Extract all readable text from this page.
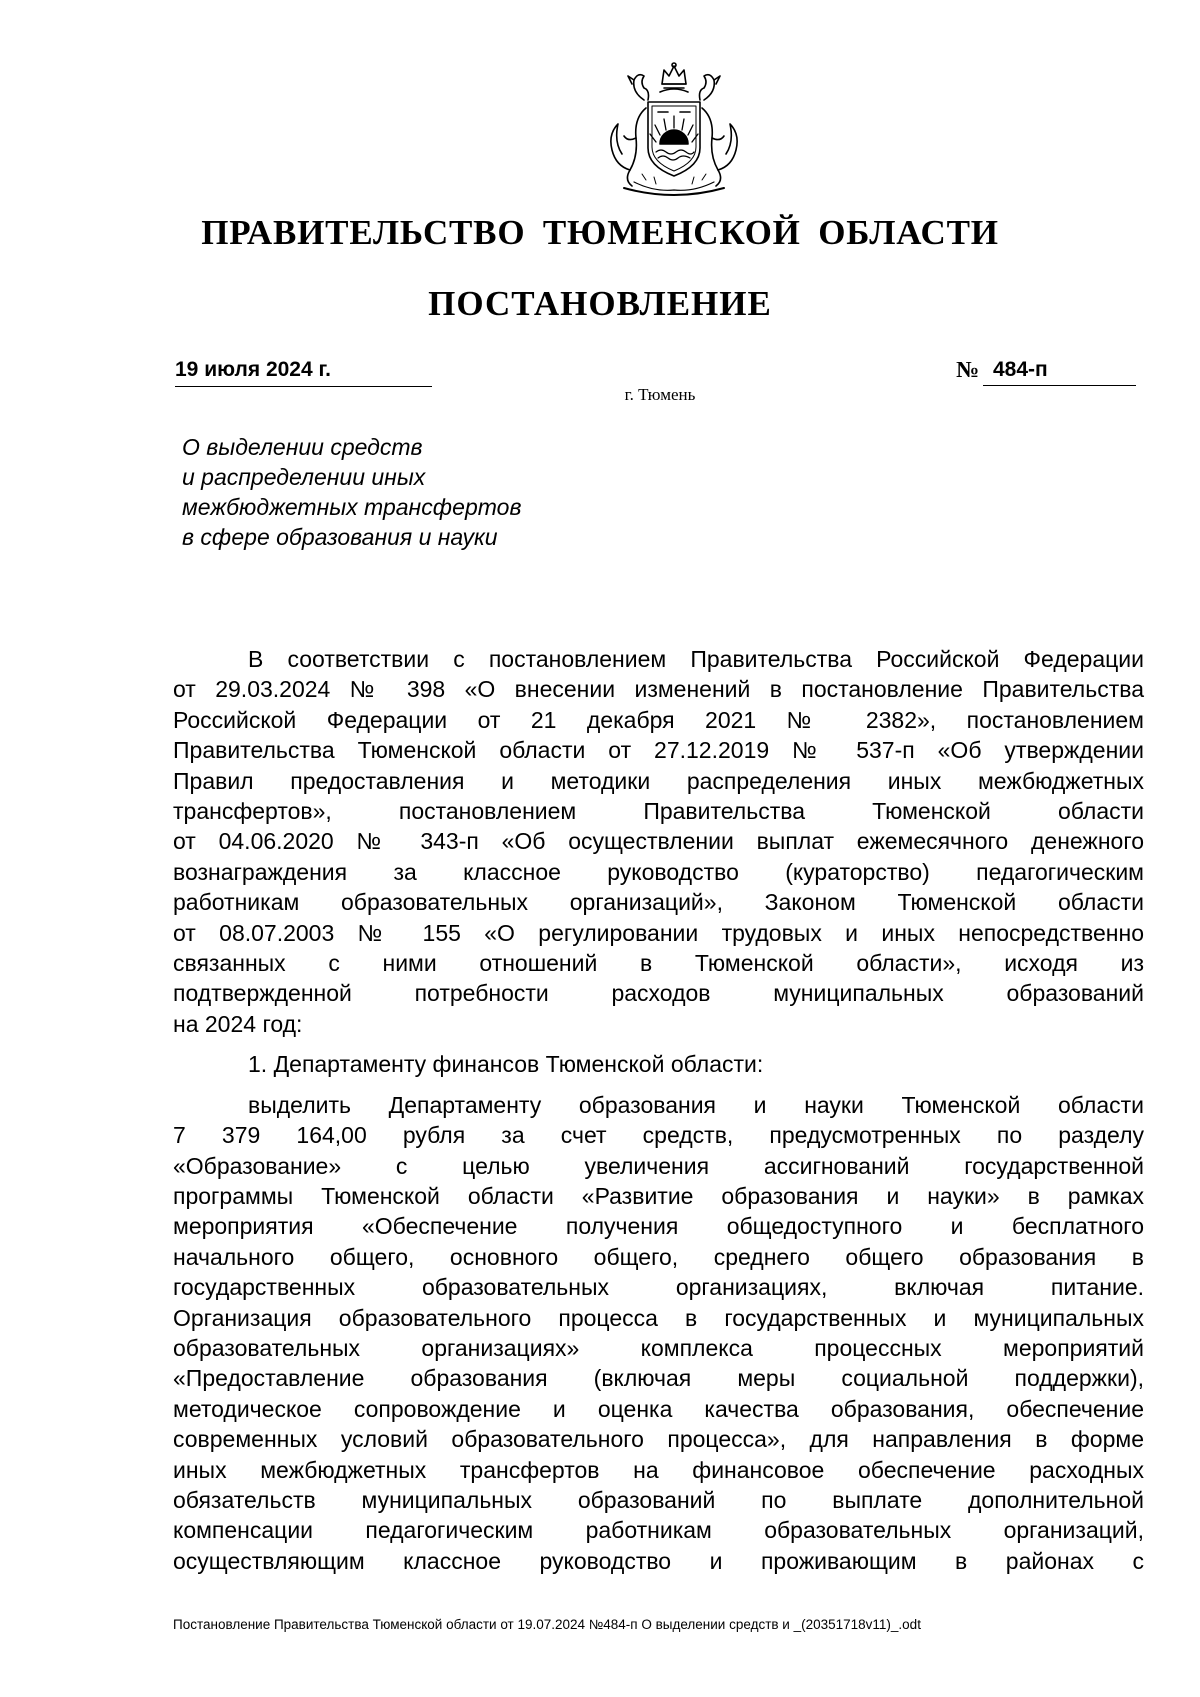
ПРАВИТЕЛЬСТВО ТЮМЕНСКОЙ ОБЛАСТИ
ПОСТАНОВЛЕНИЕ
19 июля 2024 г.	№ 484-п
г. Тюмень
О выделении средств
и распределении иных
межбюджетных трансфертов
в сфере образования и науки
В соответствии с постановлением Правительства Российской Федерации
от 29.03.2024 № 398 «О внесении изменений в постановление Правительства
Российской Федерации от 21 декабря 2021 № 2382», постановлением
Правительства Тюменской области от 27.12.2019 № 537-п «Об утверждении
Правил предоставления и методики распределения иных межбюджетных
трансфертов», постановлением Правительства Тюменской области
от 04.06.2020 № 343-п «Об осуществлении выплат ежемесячного денежного
вознаграждения за классное руководство (кураторство) педагогическим
работникам образовательных организаций», Законом Тюменской области
от 08.07.2003 № 155 «О регулировании трудовых и иных непосредственно
связанных с ними отношений в Тюменской области», исходя из
подтвержденной потребности расходов муниципальных образований
на 2024 год:
1. Департаменту финансов Тюменской области:
выделить Департаменту образования и науки Тюменской области
7 379 164,00 рубля за счет средств, предусмотренных по разделу
«Образование» с целью увеличения ассигнований государственной
программы Тюменской области «Развитие образования и науки» в рамках
мероприятия «Обеспечение получения общедоступного и бесплатного
начального общего, основного общего, среднего общего образования в
государственных образовательных организациях, включая питание.
Организация образовательного процесса в государственных и муниципальных
образовательных организациях» комплекса процессных мероприятий
«Предоставление образования (включая меры социальной поддержки),
методическое сопровождение и оценка качества образования, обеспечение
современных условий образовательного процесса», для направления в форме
иных межбюджетных трансфертов на финансовое обеспечение расходных
обязательств муниципальных образований по выплате дополнительной
компенсации педагогическим работникам образовательных организаций,
осуществляющим классное руководство и проживающим в районах с
Постановление Правительства Тюменской области от 19.07.2024 №484-п О выделении средств и _(20351718v11)_.odt
